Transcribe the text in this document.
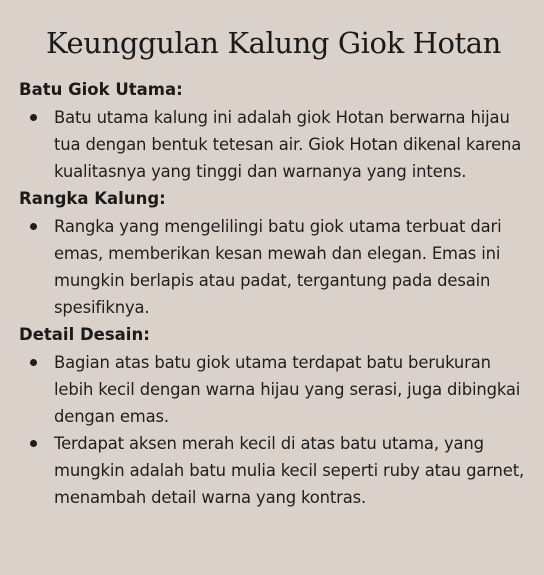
Keunggulan Kalung Giok Hotan
Batu Giok Utama:
Batu utama kalung ini adalah giok Hotan berwarna hijau tua dengan bentuk tetesan air. Giok Hotan dikenal karena kualitasnya yang tinggi dan warnanya yang intens.
Rangka Kalung:
Rangka yang mengelilingi batu giok utama terbuat dari emas, memberikan kesan mewah dan elegan. Emas ini mungkin berlapis atau padat, tergantung pada desain spesifiknya.
Detail Desain:
Bagian atas batu giok utama terdapat batu berukuran lebih kecil dengan warna hijau yang serasi, juga dibingkai dengan emas.
Terdapat aksen merah kecil di atas batu utama, yang mungkin adalah batu mulia kecil seperti ruby atau garnet, menambah detail warna yang kontras.
